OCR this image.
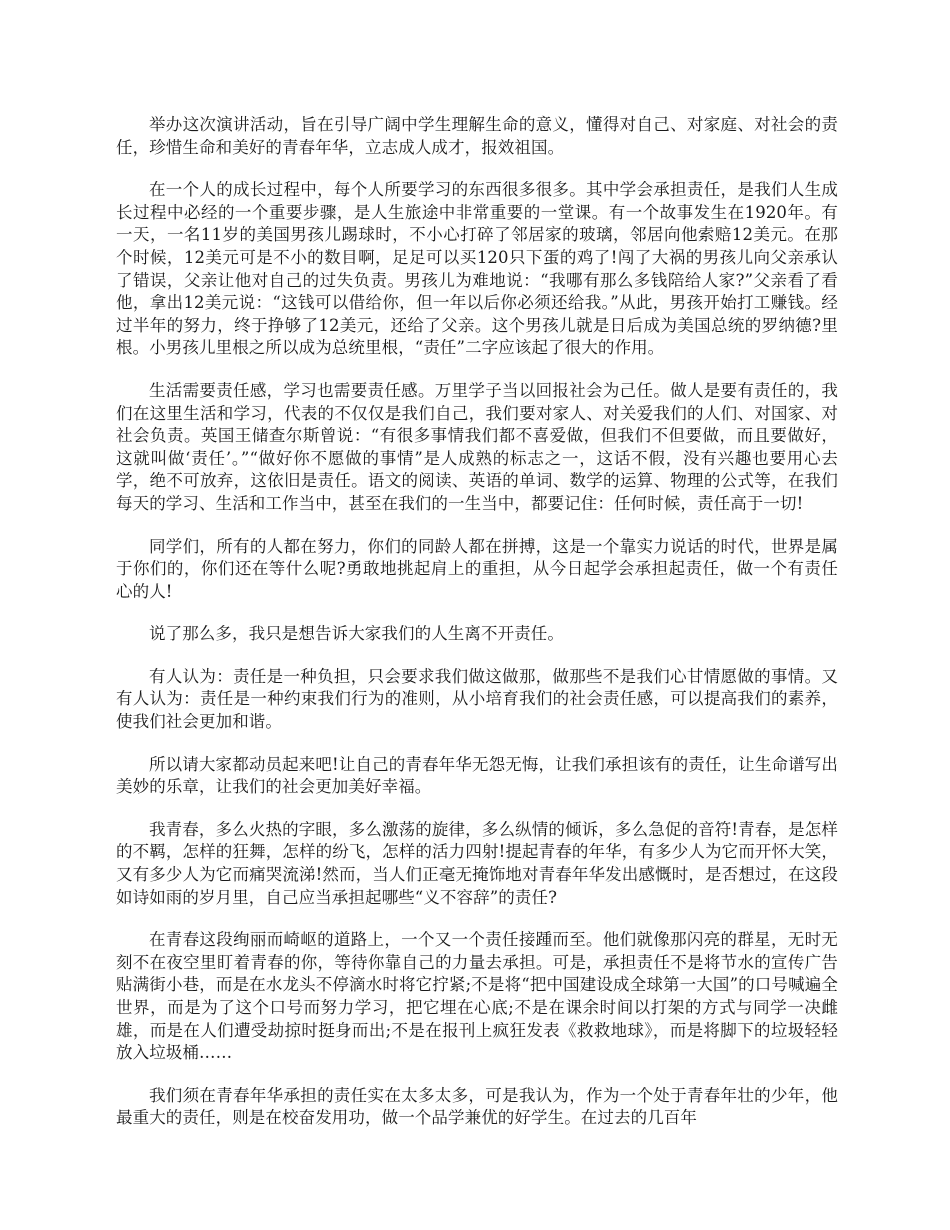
举办这次演讲活动，旨在引导广阔中学生理解生命的意义，懂得对自己、对家庭、对社会的责任，珍惜生命和美好的青春年华，立志成人成才，报效祖国。

在一个人的成长过程中，每个人所要学习的东西很多很多。其中学会承担责任，是我们人生成长过程中必经的一个重要步骤，是人生旅途中非常重要的一堂课。有一个故事发生在1920年。有一天，一名11岁的美国男孩儿踢球时，不小心打碎了邻居家的玻璃，邻居向他索赔12美元。在那个时候，12美元可是不小的数目啊，足足可以买120只下蛋的鸡了!闯了大祸的男孩儿向父亲承认了错误，父亲让他对自己的过失负责。男孩儿为难地说：“我哪有那么多钱陪给人家?”父亲看了看他，拿出12美元说：“这钱可以借给你，但一年以后你必须还给我。”从此，男孩开始打工赚钱。经过半年的努力，终于挣够了12美元，还给了父亲。这个男孩儿就是日后成为美国总统的罗纳德?里根。小男孩儿里根之所以成为总统里根，“责任”二字应该起了很大的作用。

生活需要责任感，学习也需要责任感。万里学子当以回报社会为己任。做人是要有责任的，我们在这里生活和学习，代表的不仅仅是我们自己，我们要对家人、对关爱我们的人们、对国家、对社会负责。英国王储查尔斯曾说：“有很多事情我们都不喜爱做，但我们不但要做，而且要做好，这就叫做‘责任’。”“做好你不愿做的事情”是人成熟的标志之一，这话不假，没有兴趣也要用心去学，绝不可放弃，这依旧是责任。语文的阅读、英语的单词、数学的运算、物理的公式等，在我们每天的学习、生活和工作当中，甚至在我们的一生当中，都要记住：任何时候，责任高于一切!

同学们，所有的人都在努力，你们的同龄人都在拼搏，这是一个靠实力说话的时代，世界是属于你们的，你们还在等什么呢?勇敢地挑起肩上的重担，从今日起学会承担起责任，做一个有责任心的人!

说了那么多，我只是想告诉大家我们的人生离不开责任。

有人认为：责任是一种负担，只会要求我们做这做那，做那些不是我们心甘情愿做的事情。又有人认为：责任是一种约束我们行为的准则，从小培育我们的社会责任感，可以提高我们的素养，使我们社会更加和谐。

所以请大家都动员起来吧!让自己的青春年华无怨无悔，让我们承担该有的责任，让生命谱写出美妙的乐章，让我们的社会更加美好幸福。

我青春，多么火热的字眼，多么激荡的旋律，多么纵情的倾诉，多么急促的音符!青春，是怎样的不羁，怎样的狂舞，怎样的纷飞，怎样的活力四射!提起青春的年华，有多少人为它而开怀大笑，又有多少人为它而痛哭流涕!然而，当人们正毫无掩饰地对青春年华发出感慨时，是否想过，在这段如诗如雨的岁月里，自己应当承担起哪些“义不容辞”的责任?

在青春这段绚丽而崎岖的道路上，一个又一个责任接踵而至。他们就像那闪亮的群星，无时无刻不在夜空里盯着青春的你，等待你靠自己的力量去承担。可是，承担责任不是将节水的宣传广告贴满街小巷，而是在水龙头不停滴水时将它拧紧;不是将“把中国建设成全球第一大国”的口号喊遍全世界，而是为了这个口号而努力学习，把它埋在心底;不是在课余时间以打架的方式与同学一决雌雄，而是在人们遭受劫掠时挺身而出;不是在报刊上疯狂发表《救救地球》，而是将脚下的垃圾轻轻放入垃圾桶……

我们须在青春年华承担的责任实在太多太多，可是我认为，作为一个处于青春年壮的少年，他最重大的责任，则是在校奋发用功，做一个品学兼优的好学生。在过去的几百年
